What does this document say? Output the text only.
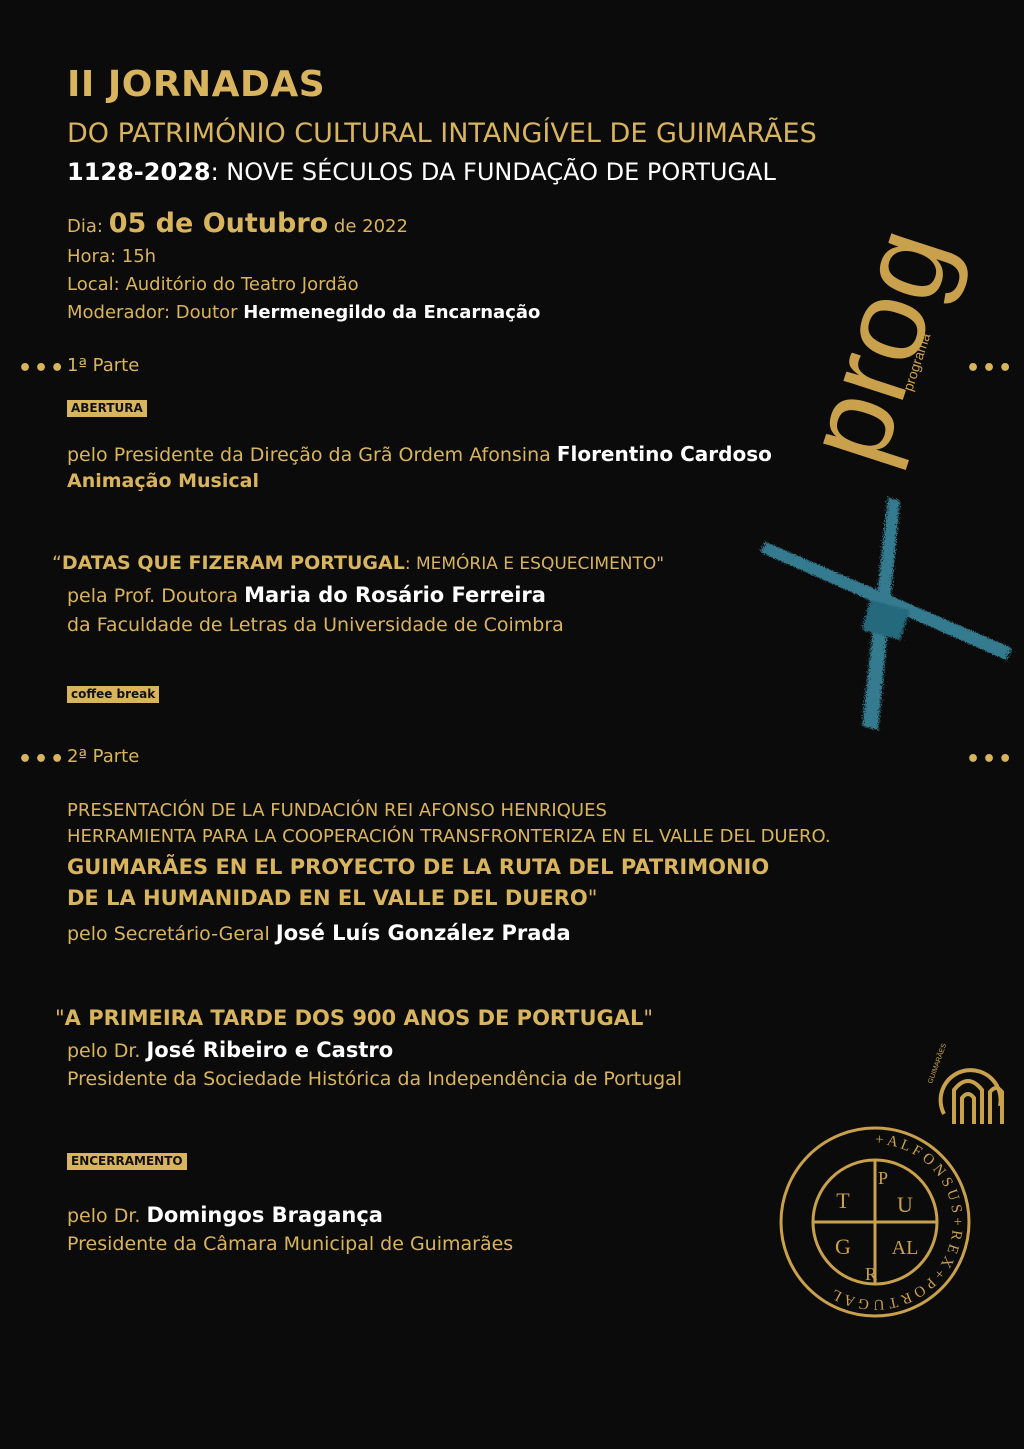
II JORNADAS
DO PATRIMÓNIO CULTURAL INTANGÍVEL DE GUIMARÃES
1128-2028: NOVE SÉCULOS DA FUNDAÇÃO DE PORTUGAL
Dia: 05 de Outubro de 2022
Hora: 15h
Local: Auditório do Teatro Jordão
Moderador: Doutor Hermenegildo da Encarnação prog
programa
•••	•••
1ª Parte
ABERTURA
pelo Presidente da Direção da Grã Ordem Afonsina Florentino Cardoso
Animação Musical
“DATAS QUE FIZERAM PORTUGAL: MEMÓRIA E ESQUECIMENTO"
pela Prof. Doutora Maria do Rosário Ferreira
da Faculdade de Letras da Universidade de Coimbra
coffee break
•••	•••
2ª Parte
PRESENTACIÓN DE LA FUNDACIÓN REI AFONSO HENRIQUES
HERRAMIENTA PARA LA COOPERACIÓN TRANSFRONTERIZA EN EL VALLE DEL DUERO.
GUIMARÃES EN EL PROYECTO DE LA RUTA DEL PATRIMONIO
DE LA HUMANIDAD EN EL VALLE DEL DUERO"
pelo Secretário-Geral José Luís González Prada
"A PRIMEIRA TARDE DOS 900 ANOS DE PORTUGAL"
pelo Dr. José Ribeiro e Castro
Presidente da Sociedade Histórica da Independência de Portugal
ENCERRAMENTO
pelo Dr. Domingos Bragança
Presidente da Câmara Municipal de Guimarães
GUIMARÃES
+ A L F O N S U S + R E X + P O R T U G A L
T U
G AL
P
R
